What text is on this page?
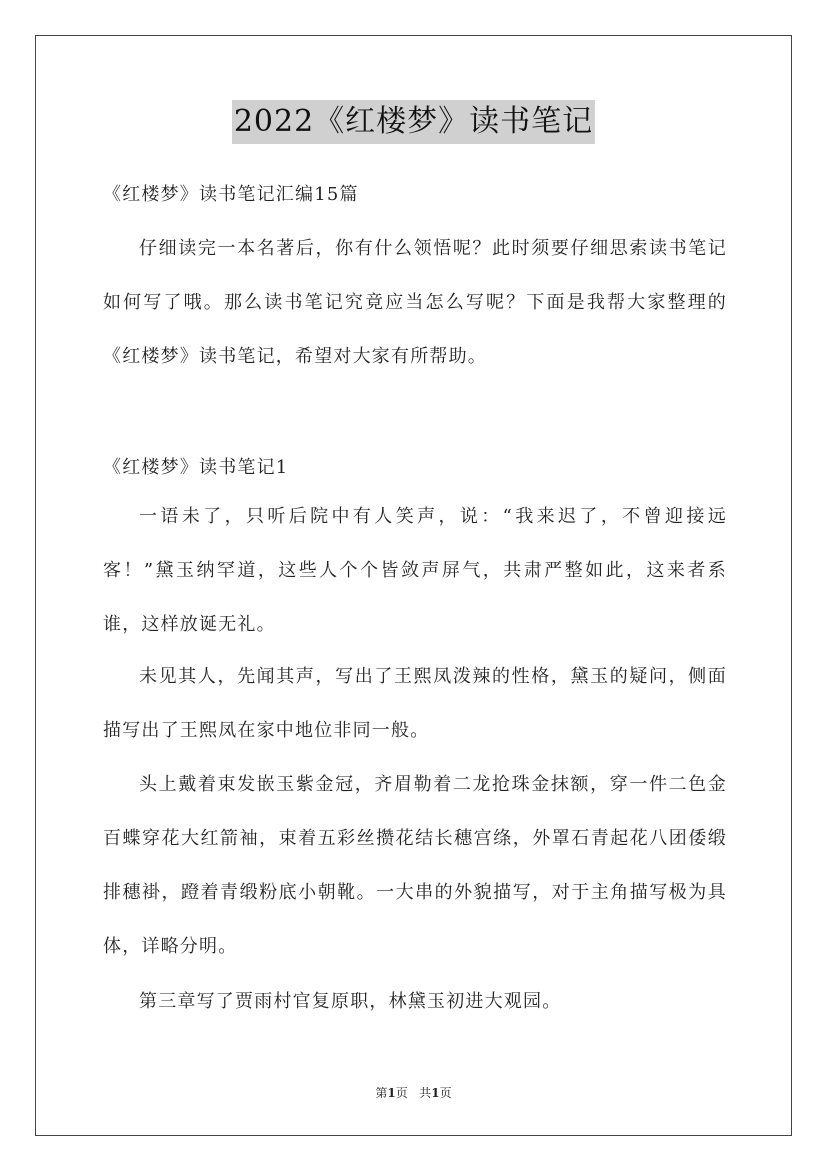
2022《红楼梦》读书笔记
《红楼梦》读书笔记汇编15篇
仔细读完一本名著后，你有什么领悟呢？此时须要仔细思索读书笔记如何写了哦。那么读书笔记究竟应当怎么写呢？下面是我帮大家整理的《红楼梦》读书笔记，希望对大家有所帮助。
《红楼梦》读书笔记1
一语未了，只听后院中有人笑声，说：“我来迟了，不曾迎接远客！”黛玉纳罕道，这些人个个皆敛声屏气，共肃严整如此，这来者系谁，这样放诞无礼。
未见其人，先闻其声，写出了王熙凤泼辣的性格，黛玉的疑问，侧面描写出了王熙凤在家中地位非同一般。
头上戴着束发嵌玉紫金冠，齐眉勒着二龙抢珠金抹额，穿一件二色金百蝶穿花大红箭袖，束着五彩丝攒花结长穗宫绦，外罩石青起花八团倭缎排穗褂，蹬着青缎粉底小朝靴。一大串的外貌描写，对于主角描写极为具体，详略分明。
第三章写了贾雨村官复原职，林黛玉初进大观园。
第1页 共1页
